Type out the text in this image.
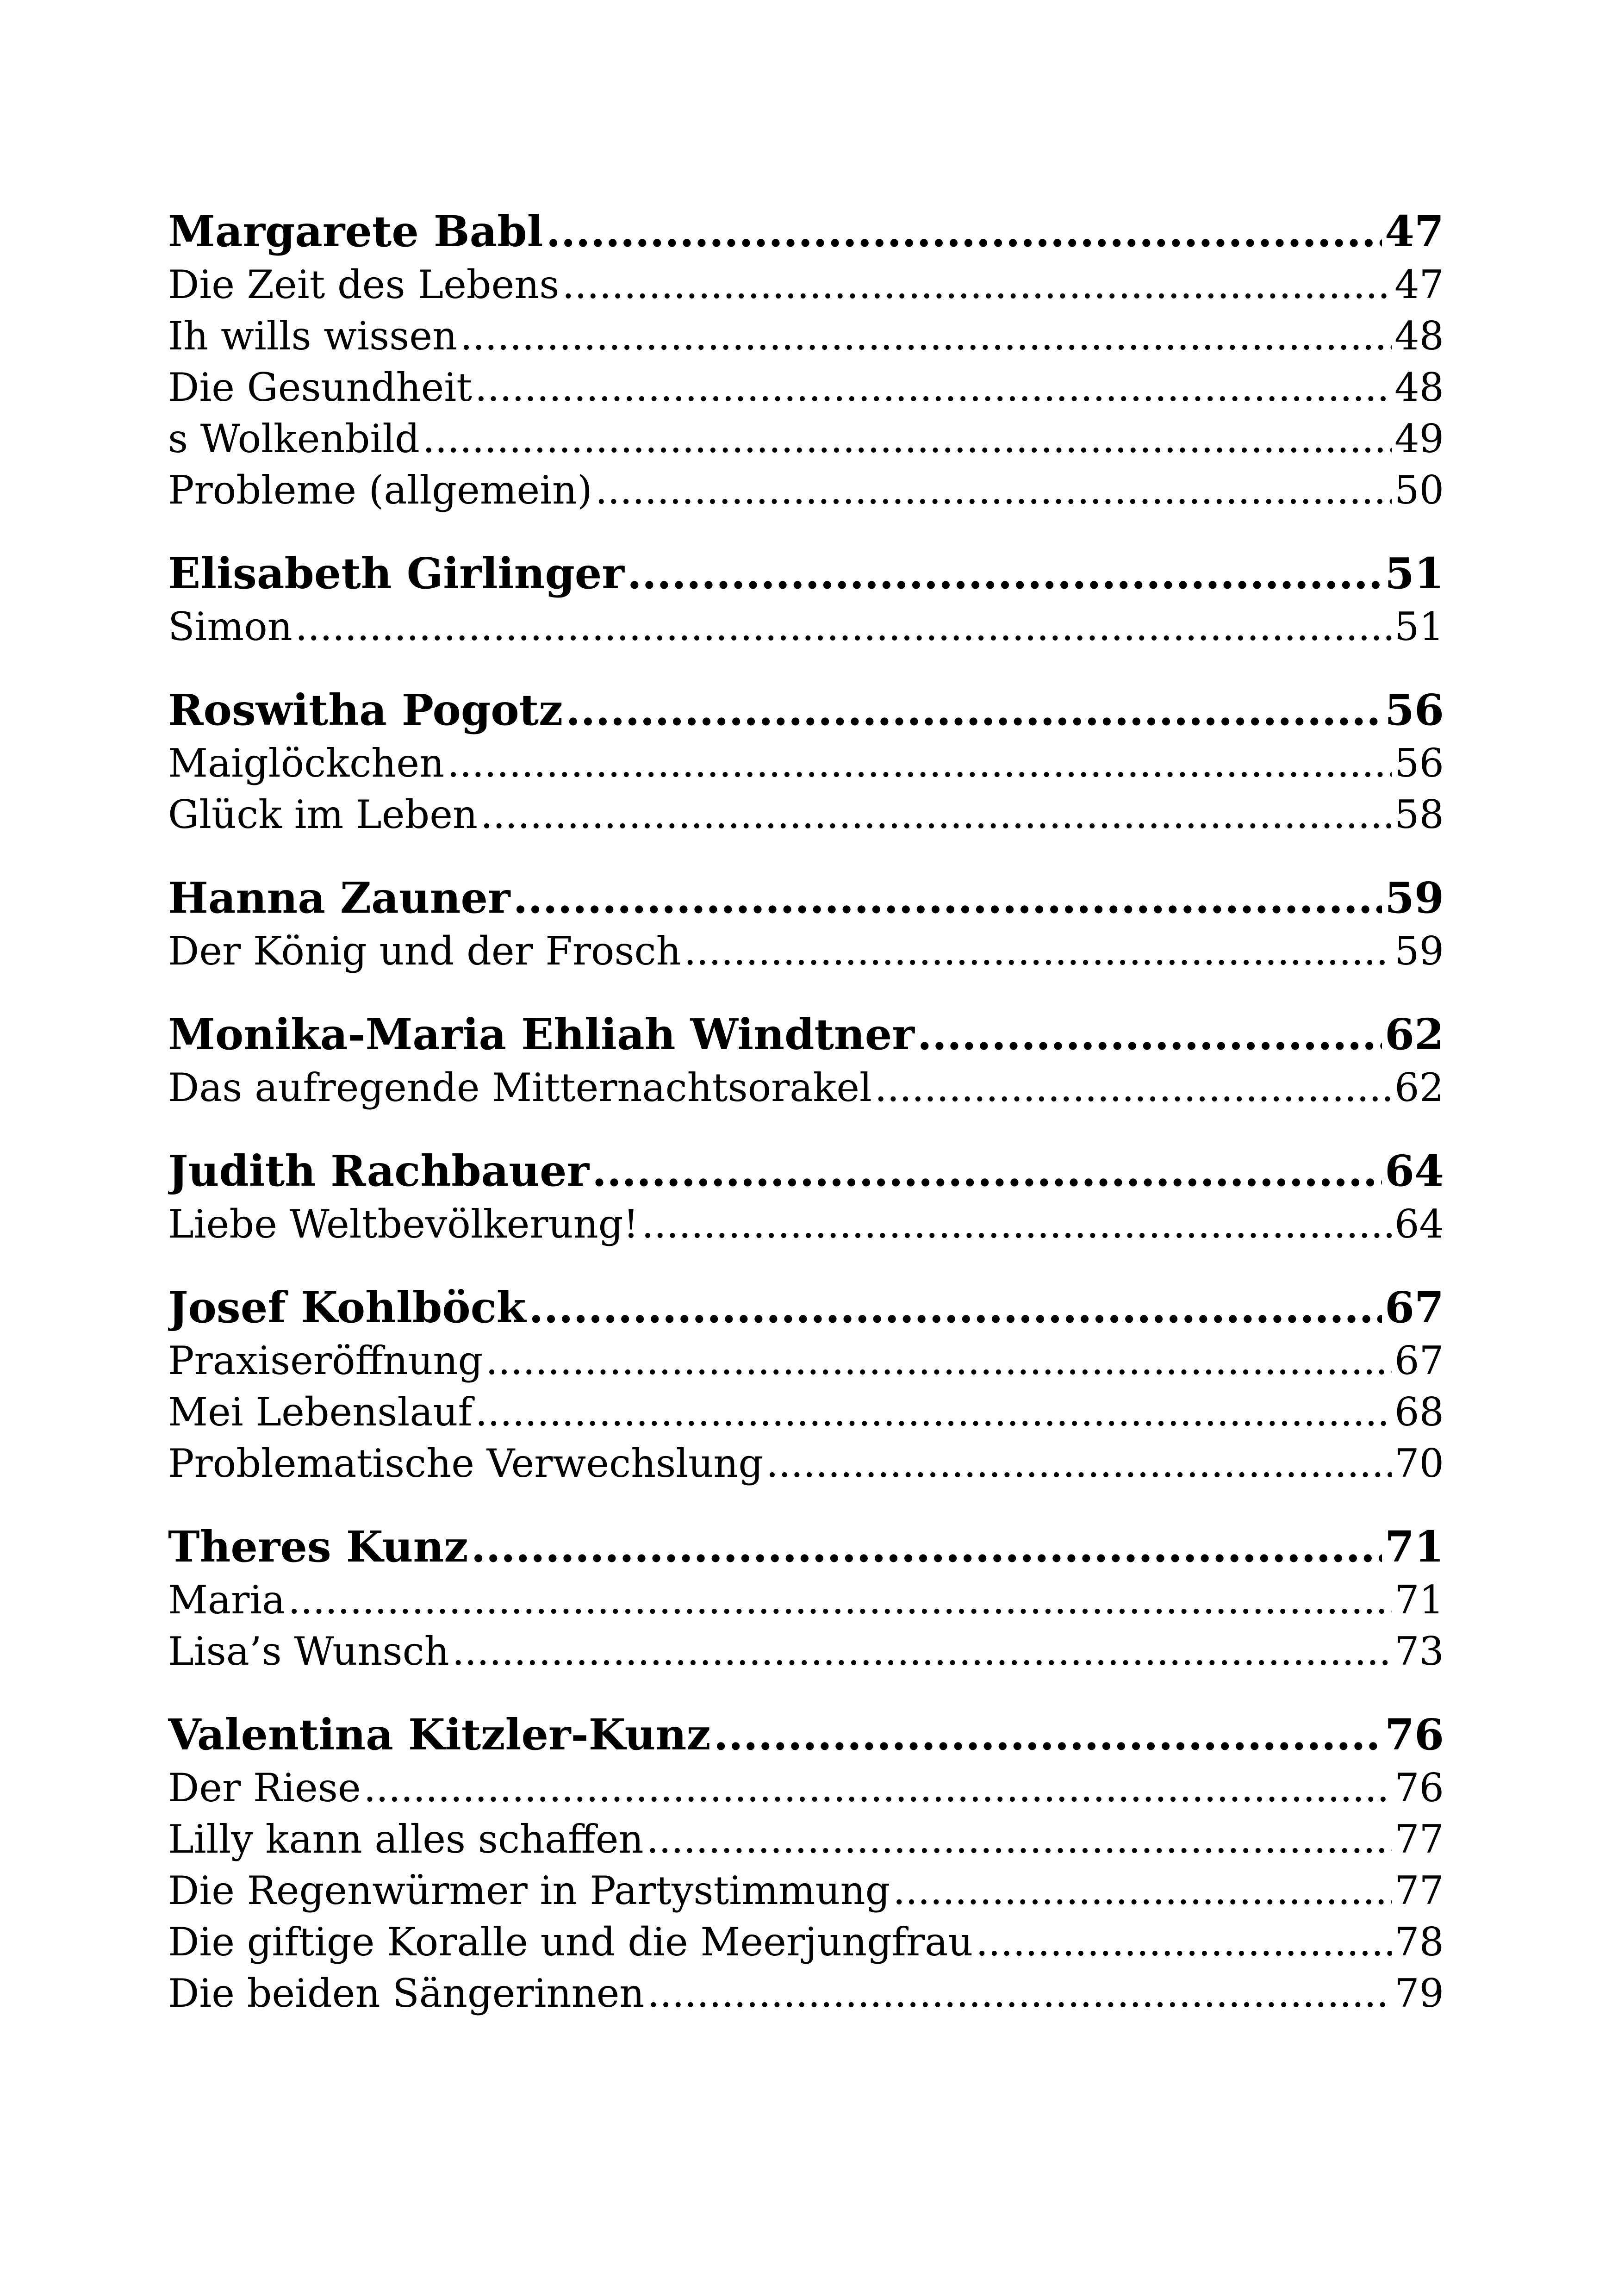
Margarete Babl .....	47
Die Zeit des Lebens .....	47
Ih wills wissen .....	48
Die Gesundheit .....	48
s Wolkenbild .....	49
Probleme (allgemein) .....	50
Elisabeth Girlinger .....	51
Simon .....	51
Roswitha Pogotz .....	56
Maiglöckchen .....	56
Glück im Leben .....	58
Hanna Zauner .....	59
Der König und der Frosch .....	59
Monika-Maria Ehliah Windtner .....	62
Das aufregende Mitternachtsorakel .....	62
Judith Rachbauer .....	64
Liebe Weltbevölkerung! .....	64
Josef Kohlböck .....	67
Praxiseröffnung .....	67
Mei Lebenslauf .....	68
Problematische Verwechslung .....	70
Theres Kunz .....	71
Maria .....	71
Lisa’s Wunsch .....	73
Valentina Kitzler-Kunz .....	76
Der Riese .....	76
Lilly kann alles schaffen .....	77
Die Regenwürmer in Partystimmung .....	77
Die giftige Koralle und die Meerjungfrau .....	78
Die beiden Sängerinnen .....	79
